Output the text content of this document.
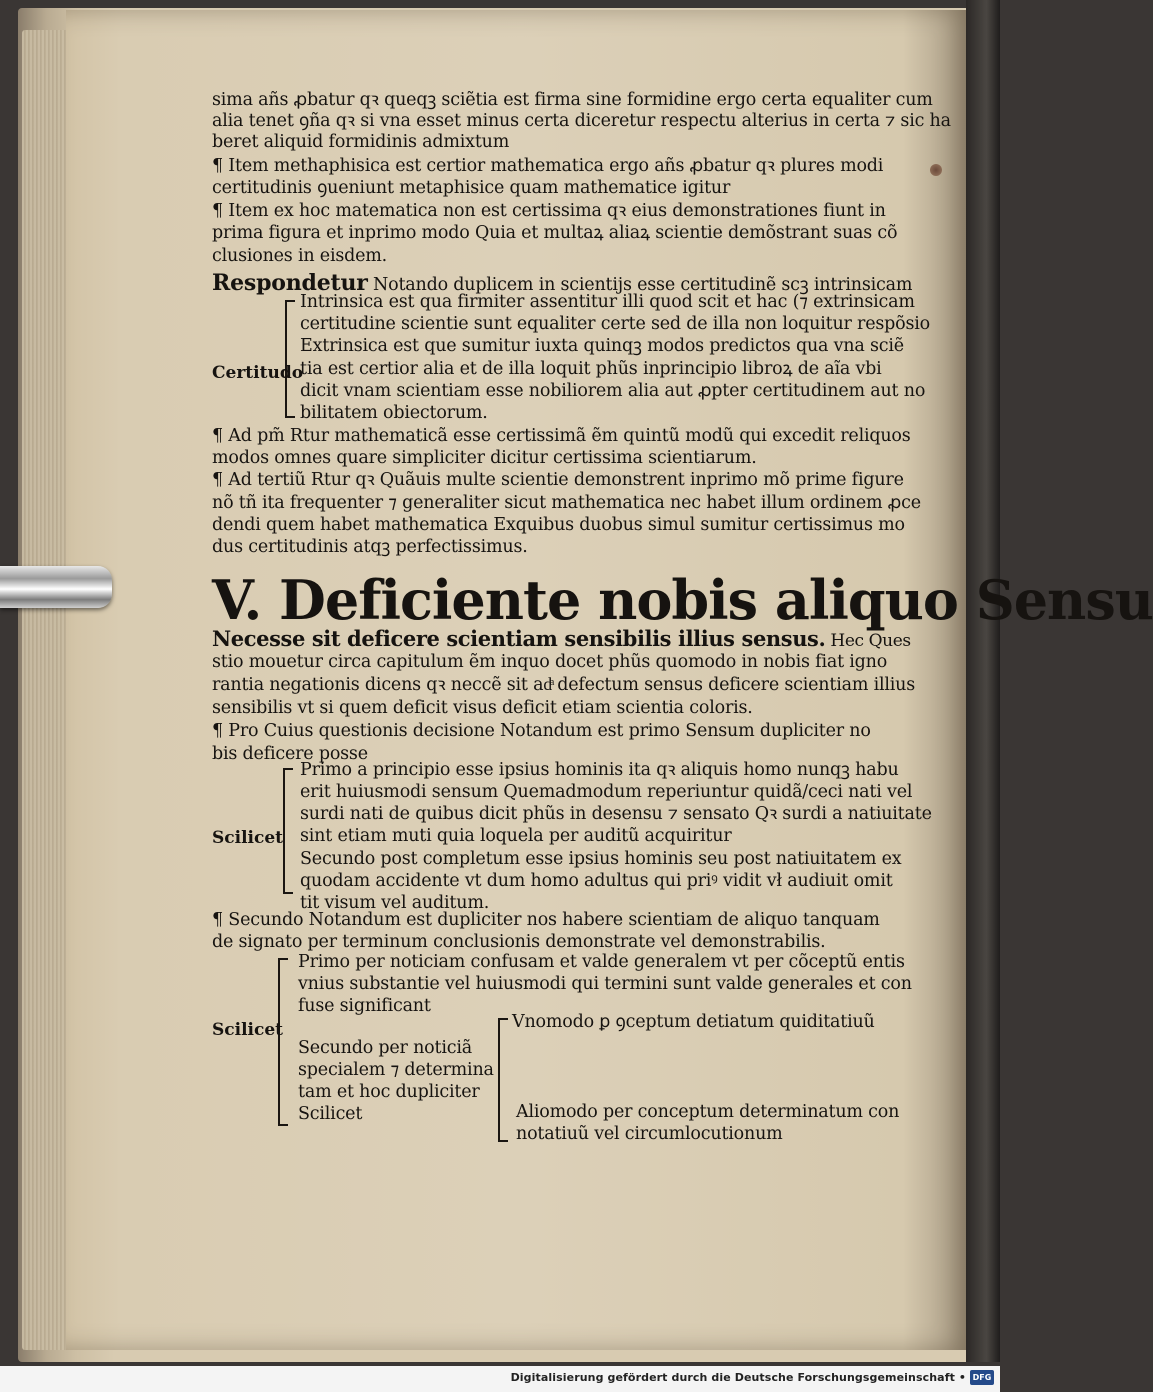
sima añs ꝓbatur qꝛ queqꝫ sciẽtia est firma sine formidine ergo certa equaliter cum
alia tenet ꝯña qꝛ si vna esset minus certa diceretur respectu alterius in certa ⁊ sic ha
beret aliquid formidinis admixtum
¶ Item methaphisica est certior mathematica ergo añs ꝓbatur qꝛ plures modi
certitudinis ꝯueniunt metaphisice quam mathematice igitur
¶ Item ex hoc matematica non est certissima qꝛ eius demonstrationes fiunt in
prima figura et inprimo modo Quia et multaꝝ aliaꝝ scientie demõstrant suas cõ
clusiones in eisdem.
Respondetur Notando duplicem in scientijs esse certitudinẽ scꝫ intrinsicam
Intrinsica est qua firmiter assentitur illi quod scit et hac (⁊ extrinsicam
certitudine scientie sunt equaliter certe sed de illa non loquitur respõsio
Extrinsica est que sumitur iuxta quinqꝫ modos predictos qua vna sciẽ
tia est certior alia et de illa loquit phũs inprincipio libroꝝ de aĩa vbi
dicit vnam scientiam esse nobiliorem alia aut ꝓpter certitudinem aut no
bilitatem obiectorum.
Certitudo
¶ Ad pm̃ Rtur mathematicã esse certissimã ẽm quintũ modũ qui excedit reliquos
modos omnes quare simpliciter dicitur certissima scientiarum.
¶ Ad tertiũ Rtur qꝛ Quãuis multe scientie demonstrent inprimo mõ prime figure
nõ tñ ita frequenter ⁊ generaliter sicut mathematica nec habet illum ordinem ꝓce
dendi quem habet mathematica Exquibus duobus simul sumitur certissimus mo
dus certitudinis atqꝫ perfectissimus.
V. Deficiente nobis aliquo Sensu
Necesse sit deficere scientiam sensibilis illius sensus. Hec Ques
stio mouetur circa capitulum ẽm inquo docet phũs quomodo in nobis fiat igno
rantia negationis dicens qꝛ neccẽ sit adͣ defectum sensus deficere scientiam illius
sensibilis vt si quem deficit visus deficit etiam scientia coloris.
¶ Pro Cuius questionis decisione Notandum est primo Sensum dupliciter no
bis deficere posse
Primo a principio esse ipsius hominis ita qꝛ aliquis homo nunqꝫ habu
erit huiusmodi sensum Quemadmodum reperiuntur quidã/ceci nati vel
surdi nati de quibus dicit phũs in desensu ⁊ sensato Qꝛ surdi a natiuitate
sint etiam muti quia loquela per auditũ acquiritur
Secundo post completum esse ipsius hominis seu post natiuitatem ex
quodam accidente vt dum homo adultus qui priꝰ vidit vł audiuit omit
tit visum vel auditum.
Scilicet
¶ Secundo Notandum est dupliciter nos habere scientiam de aliquo tanquam
de signato per terminum conclusionis demonstrate vel demonstrabilis.
Primo per noticiam confusam et valde generalem vt per cõceptũ entis
vnius substantie vel huiusmodi qui termini sunt valde generales et con
fuse significant
Scilicet
Secundo per noticiã
specialem ⁊ determina
tam et hoc dupliciter
Scilicet
Vnomodo ꝑ ꝯceptum detiatum quiditatiuũ
Aliomodo per conceptum determinatum con
notatiuũ vel circumlocutionum
Digitalisierung gefördert durch die Deutsche Forschungsgemeinschaft • DFG
